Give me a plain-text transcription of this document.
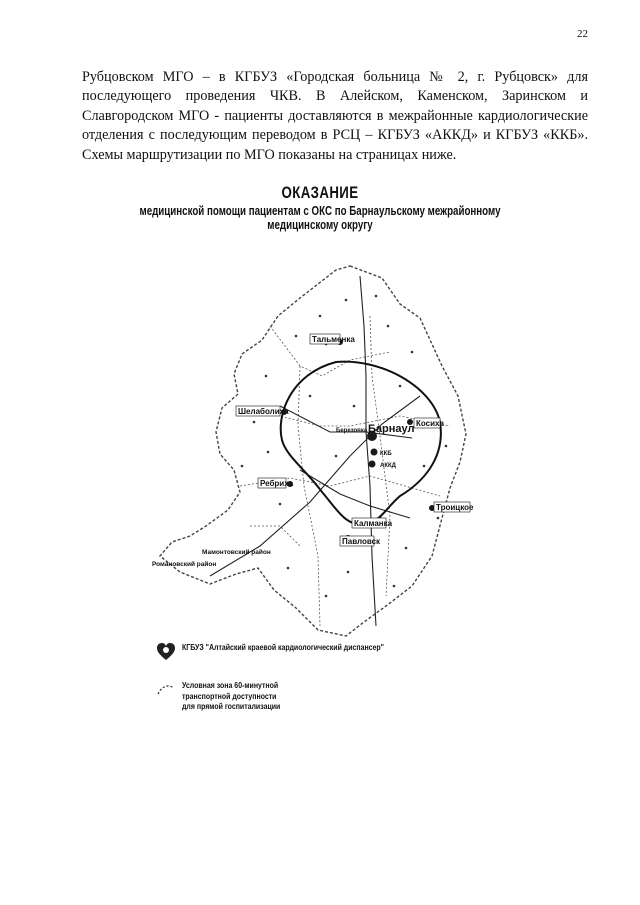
22

Рубцовском МГО – в КГБУЗ «Городская больница № 2, г. Рубцовск» для последующего проведения ЧКВ. В Алейском, Каменском, Заринском и Славгородском МГО - пациенты доставляются в межрайонные кардиологические отделения с последующим переводом в РСЦ – КГБУЗ «АККД» и КГБУЗ «ККБ». Схемы маршрутизации по МГО показаны на страницах ниже.

ОКАЗАНИЕ
медицинской помощи пациентам с ОКС по Барнаульскому межрайонному
медицинскому округу
Тальменка
Шелаболиха
Барнаул
ККБ
АККД
Березовка
Косиха
Ребриха
Калманка
Троицкое
Павловск
Мамонтовский район
Романовский район
КГБУЗ "Алтайский краевой кардиологический диспансер"
Условная зона 60-минутной
транспортной доступности
для прямой госпитализации
